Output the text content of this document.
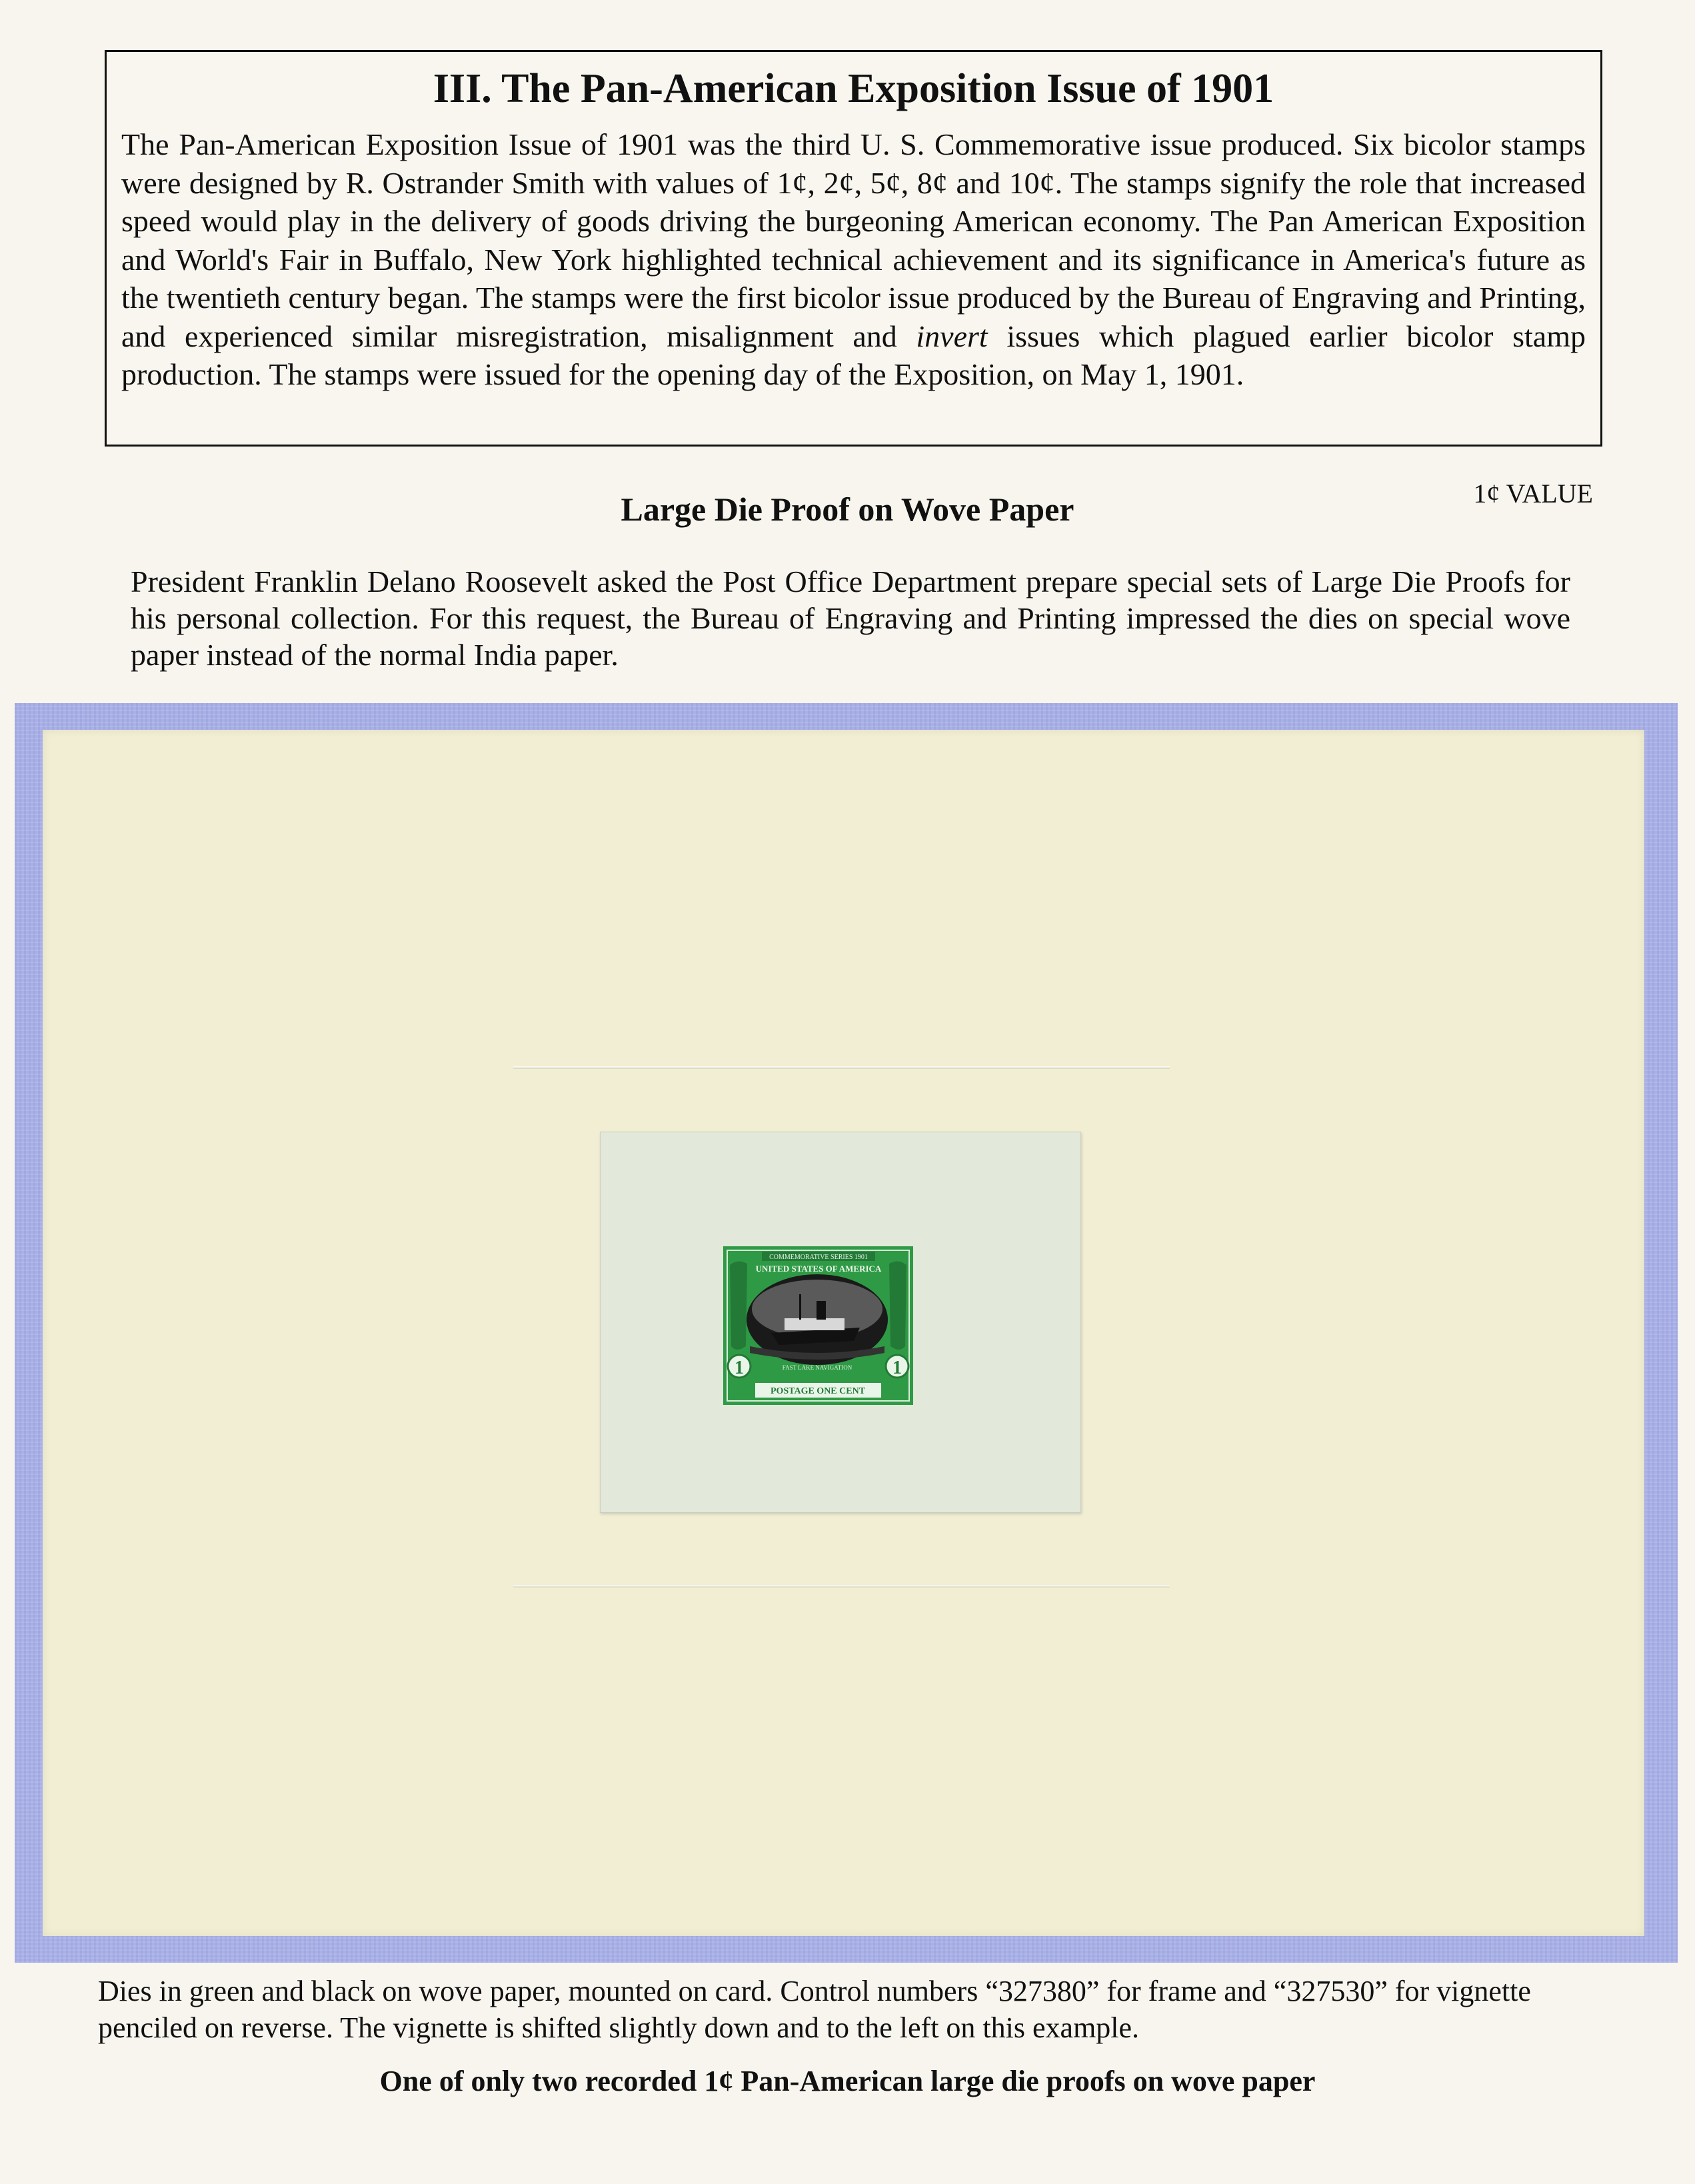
III. The Pan-American Exposition Issue of 1901
The Pan-American Exposition Issue of 1901 was the third U. S. Commemorative issue produced. Six bicolor stamps were designed by R. Ostrander Smith with values of 1¢, 2¢, 5¢, 8¢ and 10¢. The stamps signify the role that increased speed would play in the delivery of goods driving the burgeoning American economy. The Pan American Exposition and World's Fair in Buffalo, New York highlighted technical achievement and its significance in America's future as the twentieth century began. The stamps were the first bicolor issue produced by the Bureau of Engraving and Printing, and experienced similar misregistration, misalignment and invert issues which plagued earlier bicolor stamp production. The stamps were issued for the opening day of the Exposition, on May 1, 1901.
1¢ VALUE
Large Die Proof on Wove Paper
President Franklin Delano Roosevelt asked the Post Office Department prepare special sets of Large Die Proofs for his personal collection. For this request, the Bureau of Engraving and Printing impressed the dies on special wove paper instead of the normal India paper.
COMMEMORATIVE SERIES 1901
UNITED STATES OF AMERICA
FAST LAKE NAVIGATION
1	1
POSTAGE ONE CENT
Dies in green and black on wove paper, mounted on card. Control numbers “327380” for frame and “327530” for vignette penciled on reverse. The vignette is shifted slightly down and to the left on this example.
One of only two recorded 1¢ Pan-American large die proofs on wove paper
